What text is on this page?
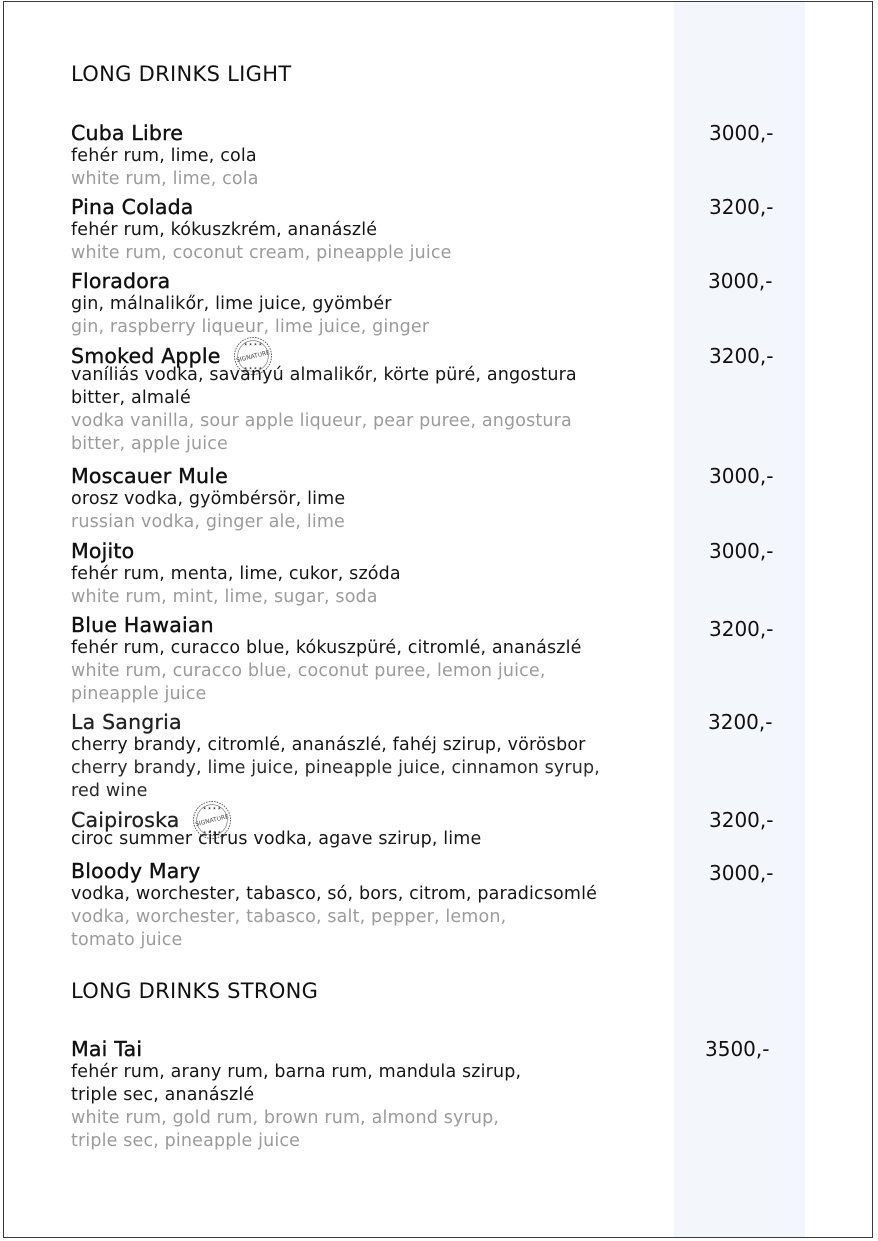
LONG DRINKS LIGHT
Cuba Libre	3000,-
fehér rum, lime, cola
white rum, lime, cola
Pina Colada	3200,-
fehér rum, kókuszkrém, ananászlé
white rum, coconut cream, pineapple juice
Floradora	3000,-
gin, málnalikőr, lime juice, gyömbér
gin, raspberry liqueur, lime juice, ginger
Smoked Apple SIGNATURE	3200,-
vaníliás vodka, savanyú almalikőr, körte püré, angostura
bitter, almalé
vodka vanilla, sour apple liqueur, pear puree, angostura
bitter, apple juice
Moscauer Mule	3000,-
orosz vodka, gyömbérsör, lime
russian vodka, ginger ale, lime
Mojito	3000,-
fehér rum, menta, lime, cukor, szóda
white rum, mint, lime, sugar, soda
Blue Hawaian	3200,-
fehér rum, curacco blue, kókuszpüré, citromlé, ananászlé
white rum, curacco blue, coconut puree, lemon juice,
pineapple juice
La Sangria	3200,-
cherry brandy, citromlé, ananászlé, fahéj szirup, vörösbor
cherry brandy, lime juice, pineapple juice, cinnamon syrup,
red wine
Caipiroska SIGNATURE	3200,-
ciroc summer citrus vodka, agave szirup, lime
Bloody Mary	3000,-
vodka, worchester, tabasco, só, bors, citrom, paradicsomlé
vodka, worchester, tabasco, salt, pepper, lemon,
tomato juice
LONG DRINKS STRONG
Mai Tai	3500,-
fehér rum, arany rum, barna rum, mandula szirup,
triple sec, ananászlé
white rum, gold rum, brown rum, almond syrup,
triple sec, pineapple juice
